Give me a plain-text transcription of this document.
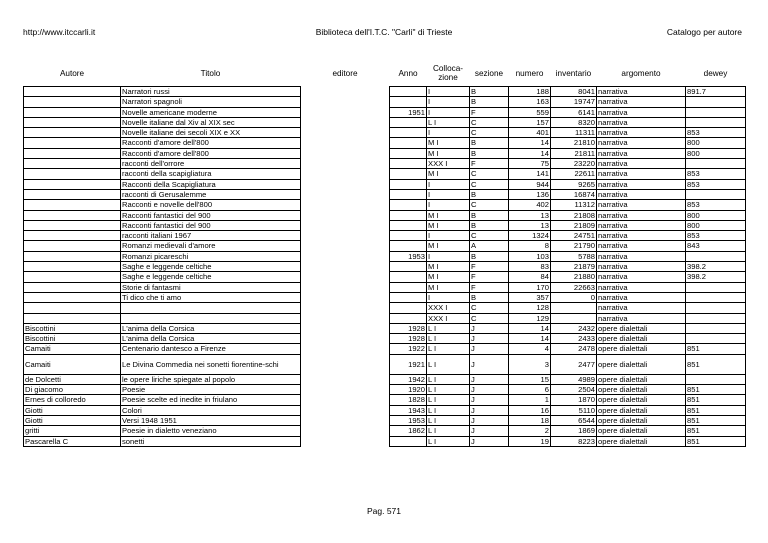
http://www.itccarli.it	Biblioteca dell'I.T.C. "Carli" di Trieste	Catalogo per autore
Autore	Titolo	editore	Anno	Colloca-zione	sezione	numero	inventario	argomento	dewey
	Narratori russi			I	B	188	8041	narrativa	891.7
	Narratori spagnoli			I	B	163	19747	narrativa	
	Novelle americane moderne		1951	I	F	559	6141	narrativa	
	Novelle italiane dal Xiv al XIX sec			L I	C	157	8320	narrativa	
	Novelle italiane dei secoli XIX e XX			I	C	401	11311	narrativa	853
	Racconti d'amore dell'800			M I	B	14	21810	narrativa	800
	Racconti d'amore dell'800			M I	B	14	21811	narrativa	800
	racconti dell'orrore			XXX I	F	75	23220	narrativa	
	racconti della scapigliatura			M I	C	141	22611	narrativa	853
	Racconti della Scapigliatura			I	C	944	9265	narrativa	853
	racconti di Gerusalemme			I	B	136	16874	narrativa	
	Racconti e novelle dell'800			I	C	402	11312	narrativa	853
	Racconti fantastici del 900			M I	B	13	21808	narrativa	800
	Racconti fantastici del 900			M I	B	13	21809	narrativa	800
	racconti italiani 1967			I	C	1324	24751	narrativa	853
	Romanzi medievali d'amore			M I	A	8	21790	narrativa	843
	Romanzi picareschi		1953	I	B	103	5788	narrativa	
	Saghe e leggende celtiche			M I	F	83	21879	narrativa	398.2
	Saghe e leggende celtiche			M I	F	84	21880	narrativa	398.2
	Storie di fantasmi			M I	F	170	22663	narrativa	
	Ti dico che ti amo			I	B	357	0	narrativa	
				XXX I	C	128		narrativa	
				XXX I	C	129		narrativa	
Biscottini	L'anima della Corsica		1928	L I	J	14	2432	opere dialettali	
Biscottini	L'anima della Corsica		1928	L I	J	14	2433	opere dialettali	
Camaiti	Centenario dantesco a Firenze		1922	L I	J	4	2478	opere dialettali	851
Camaiti	Le Divina Commedia nei sonetti fiorentine-schi		1921	L I	J	3	2477	opere dialettali	851
de Dolcetti	le opere liriche spiegate al popolo		1942	L I	J	15	4989	opere dialettali	
Di giacomo	Poesie		1920	L I	J	6	2504	opere dialettali	851
Ernes di colloredo	Poesie scelte ed inedite in friulano		1828	L I	J	1	1870	opere dialettali	851
Giotti	Colori		1943	L I	J	16	5110	opere dialettali	851
Giotti	Versi 1948 1951		1953	L I	J	18	6544	opere dialettali	851
gritti	Poesie in dialetto veneziano		1862	L I	J	2	1869	opere dialettali	851
Pascarella C	sonetti			L I	J	19	8223	opere dialettali	851
Pag. 571
